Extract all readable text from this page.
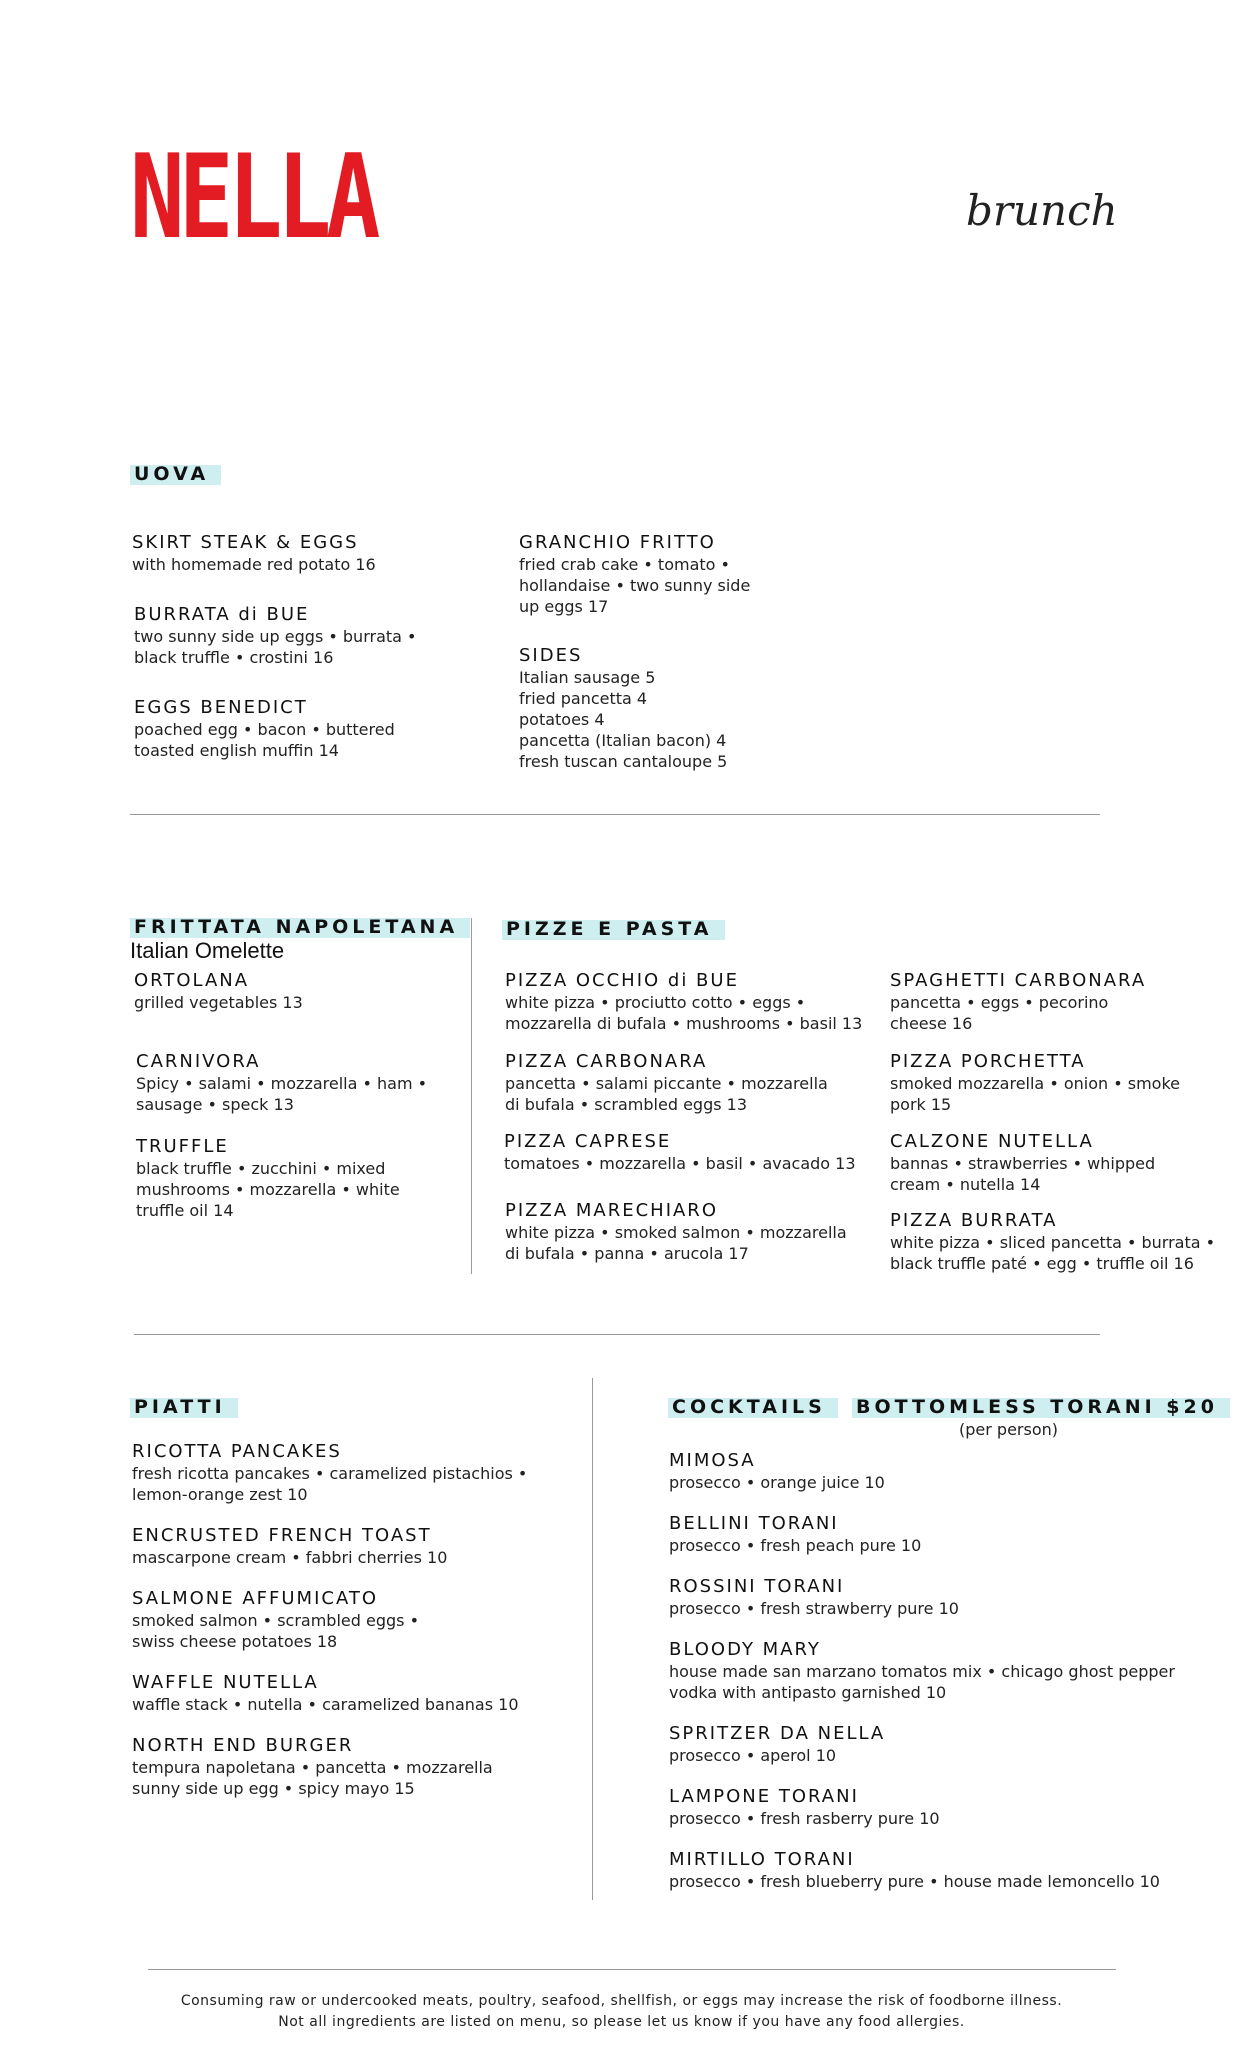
NELLA	brunch
UOVA
SKIRT STEAK & EGGS
with homemade red potato 16
BURRATA di BUE
two sunny side up eggs • burrata •
black truffle • crostini 16
EGGS BENEDICT
poached egg • bacon • buttered
toasted english muffin 14
GRANCHIO FRITTO
fried crab cake • tomato •
hollandaise • two sunny side
up eggs 17
SIDES
Italian sausage 5
fried pancetta 4
potatoes 4
pancetta (Italian bacon) 4
fresh tuscan cantaloupe 5
FRITTATA NAPOLETANA
Italian Omelette
ORTOLANA
grilled vegetables 13
CARNIVORA
Spicy • salami • mozzarella • ham •
sausage • speck 13
TRUFFLE
black truffle • zucchini • mixed
mushrooms • mozzarella • white
truffle oil 14
PIZZE E PASTA
PIZZA OCCHIO di BUE
white pizza • prociutto cotto • eggs •
mozzarella di bufala • mushrooms • basil 13
PIZZA CARBONARA
pancetta • salami piccante • mozzarella
di bufala • scrambled eggs 13
PIZZA CAPRESE
tomatoes • mozzarella • basil • avacado 13
PIZZA MARECHIARO
white pizza • smoked salmon • mozzarella
di bufala • panna • arucola 17
SPAGHETTI CARBONARA
pancetta • eggs • pecorino
cheese 16
PIZZA PORCHETTA
smoked mozzarella • onion • smoke
pork 15
CALZONE NUTELLA
bannas • strawberries • whipped
cream • nutella 14
PIZZA BURRATA
white pizza • sliced pancetta • burrata •
black truffle paté • egg • truffle oil 16
PIATTI
RICOTTA PANCAKES
fresh ricotta pancakes • caramelized pistachios •
lemon-orange zest 10
ENCRUSTED FRENCH TOAST
mascarpone cream • fabbri cherries 10
SALMONE AFFUMICATO
smoked salmon • scrambled eggs •
swiss cheese potatoes 18
WAFFLE NUTELLA
waffle stack • nutella • caramelized bananas 10
NORTH END BURGER
tempura napoletana • pancetta • mozzarella
sunny side up egg • spicy mayo 15
COCKTAILS	BOTTOMLESS TORANI $20
(per person)
MIMOSA
prosecco • orange juice 10
BELLINI TORANI
prosecco • fresh peach pure 10
ROSSINI TORANI
prosecco • fresh strawberry pure 10
BLOODY MARY
house made san marzano tomatos mix • chicago ghost pepper
vodka with antipasto garnished 10
SPRITZER DA NELLA
prosecco • aperol 10
LAMPONE TORANI
prosecco • fresh rasberry pure 10
MIRTILLO TORANI
prosecco • fresh blueberry pure • house made lemoncello 10
Consuming raw or undercooked meats, poultry, seafood, shellfish, or eggs may increase the risk of foodborne illness.
Not all ingredients are listed on menu, so please let us know if you have any food allergies.
